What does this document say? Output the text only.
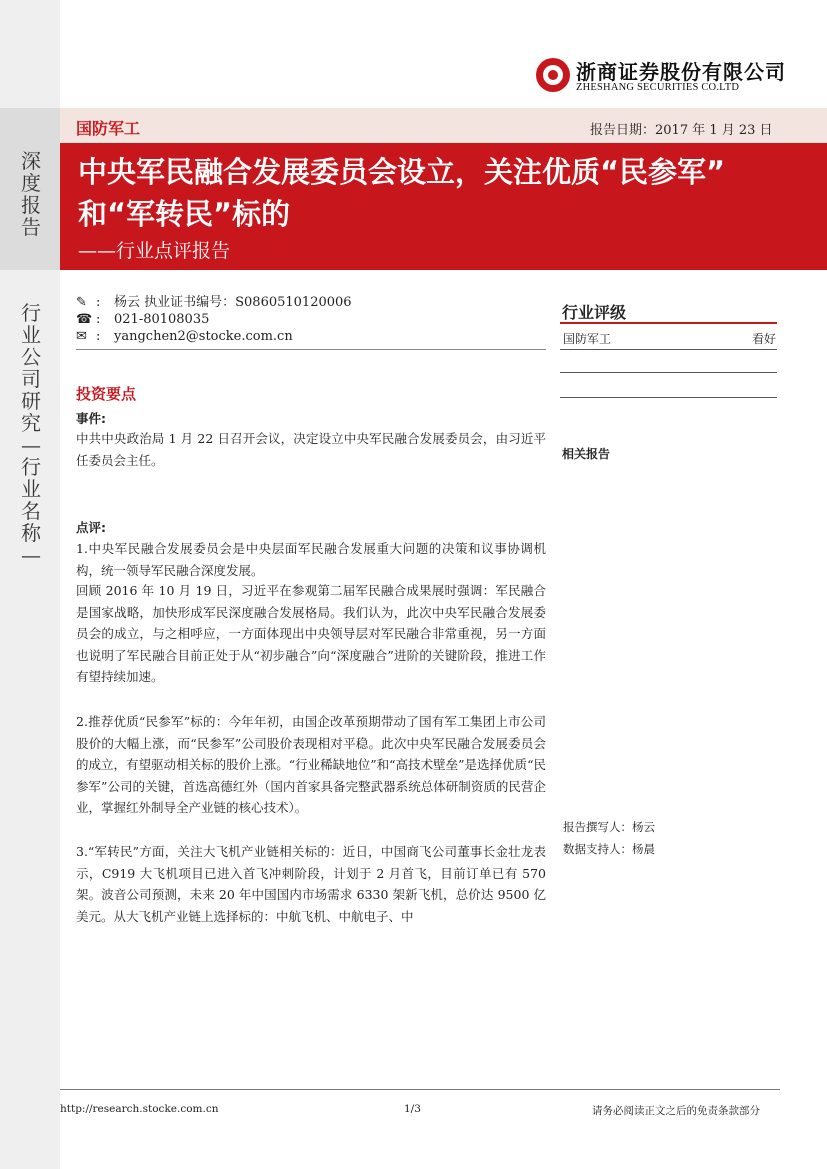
深度报告
行业公司研究—行业名称—
浙商证券股份有限公司
ZHESHANG SECURITIES CO.LTD
国防军工	报告日期：2017 年 1 月 23 日
中央军民融合发展委员会设立，关注优质“民参军”
和“军转民”标的
——行业点评报告
✎ : 杨云 执业证书编号：S0860510120006
☎ : 021-80108035
✉ : yangchen2@stocke.com.cn
行业评级
国防军工	看好
相关报告
报告撰写人：杨云
数据支持人：杨晨
投资要点
事件:
中共中央政治局 1 月 22 日召开会议，决定设立中央军民融合发展委员会，由习近平任委员会主任。
点评:
1.中央军民融合发展委员会是中央层面军民融合发展重大问题的决策和议事协调机构，统一领导军民融合深度发展。
回顾 2016 年 10 月 19 日，习近平在参观第二届军民融合成果展时强调：军民融合是国家战略，加快形成军民深度融合发展格局。我们认为，此次中央军民融合发展委员会的成立，与之相呼应，一方面体现出中央领导层对军民融合非常重视，另一方面也说明了军民融合目前正处于从“初步融合”向“深度融合”进阶的关键阶段，推进工作有望持续加速。
2.推荐优质“民参军”标的：今年年初，由国企改革预期带动了国有军工集团上市公司股价的大幅上涨，而“民参军”公司股价表现相对平稳。此次中央军民融合发展委员会的成立，有望驱动相关标的股价上涨。“行业稀缺地位”和“高技术壁垒”是选择优质“民参军”公司的关键，首选高德红外（国内首家具备完整武器系统总体研制资质的民营企业，掌握红外制导全产业链的核心技术）。
3.“军转民”方面，关注大飞机产业链相关标的：近日，中国商飞公司董事长金壮龙表示，C919 大飞机项目已进入首飞冲刺阶段，计划于 2 月首飞，目前订单已有 570 架。波音公司预测，未来 20 年中国国内市场需求 6330 架新飞机，总价达 9500 亿美元。从大飞机产业链上选择标的：中航飞机、中航电子、中
http://research.stocke.com.cn	1/3	请务必阅读正文之后的免责条款部分
